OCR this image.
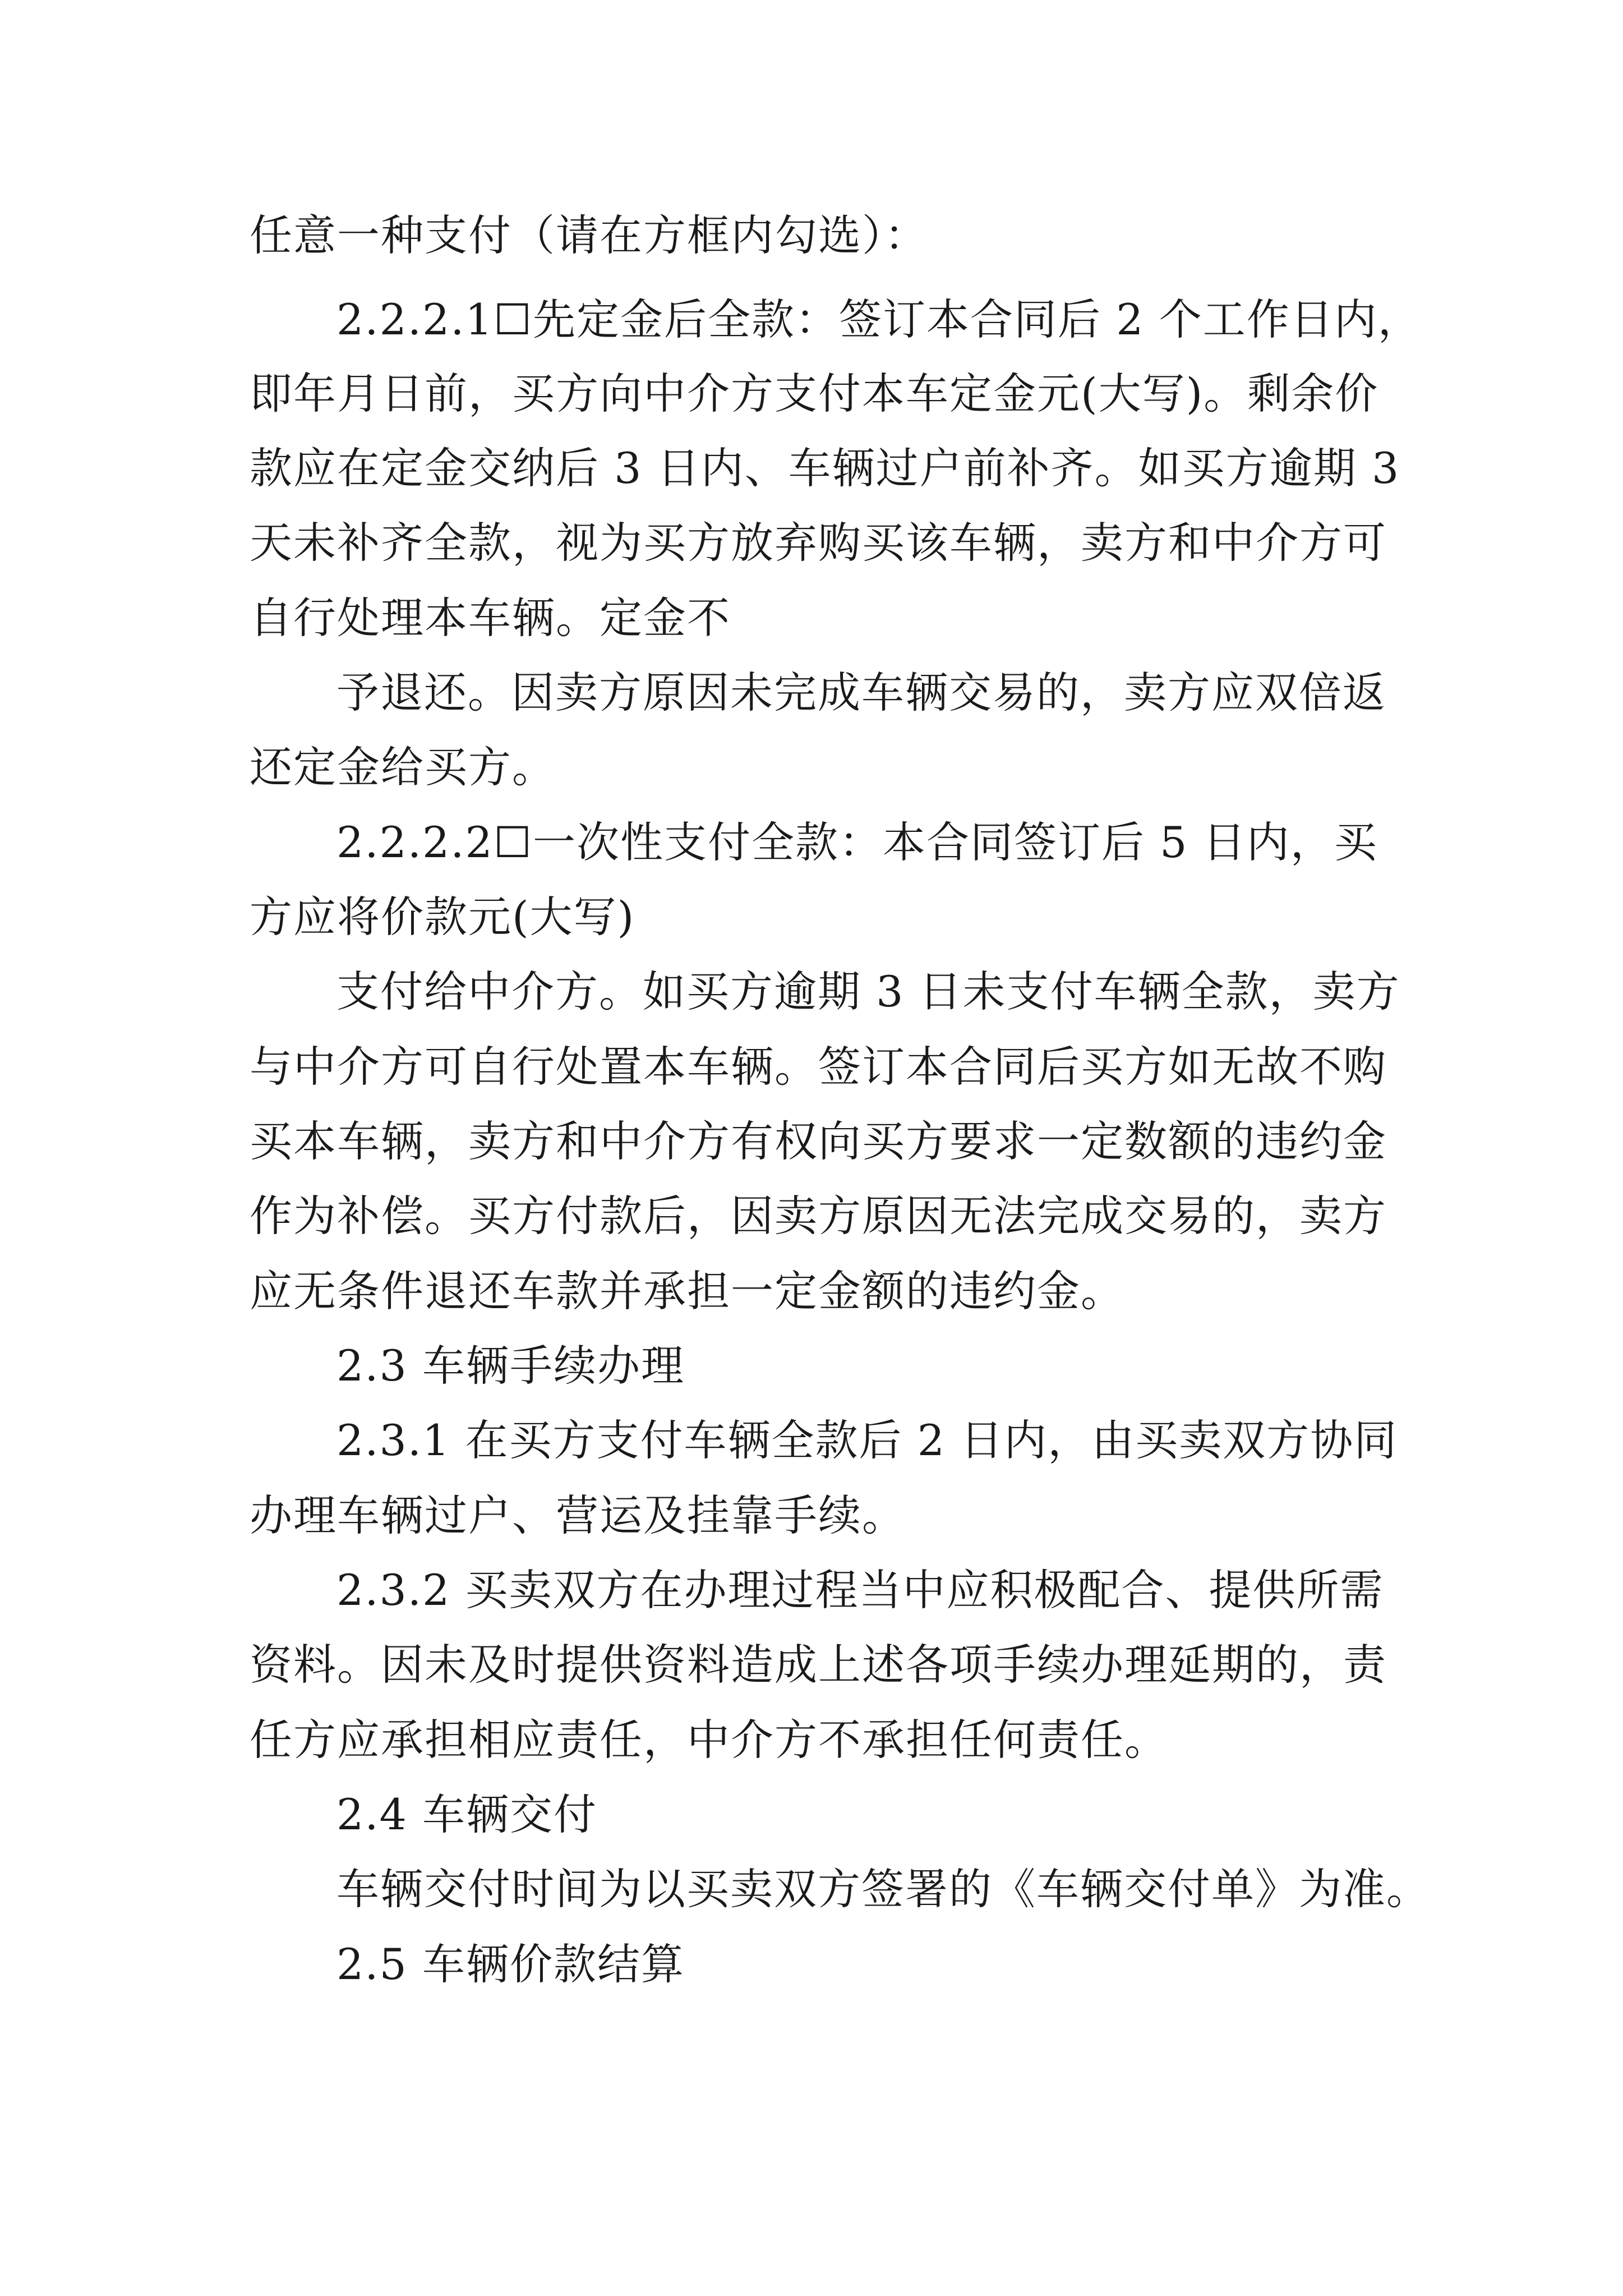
任意一种支付（请在方框内勾选）：
2.2.2.1☐先定金后全款：签订本合同后 2 个工作日内，
即年月日前，买方向中介方支付本车定金元(大写)。剩余价
款应在定金交纳后 3 日内、车辆过户前补齐。如买方逾期 3
天未补齐全款，视为买方放弃购买该车辆，卖方和中介方可
自行处理本车辆。定金不
予退还。因卖方原因未完成车辆交易的，卖方应双倍返
还定金给买方。
2.2.2.2☐一次性支付全款：本合同签订后 5 日内，买
方应将价款元(大写)
支付给中介方。如买方逾期 3 日未支付车辆全款，卖方
与中介方可自行处置本车辆。签订本合同后买方如无故不购
买本车辆，卖方和中介方有权向买方要求一定数额的违约金
作为补偿。买方付款后，因卖方原因无法完成交易的，卖方
应无条件退还车款并承担一定金额的违约金。
2.3 车辆手续办理
2.3.1 在买方支付车辆全款后 2 日内，由买卖双方协同
办理车辆过户、营运及挂靠手续。
2.3.2 买卖双方在办理过程当中应积极配合、提供所需
资料。因未及时提供资料造成上述各项手续办理延期的，责
任方应承担相应责任，中介方不承担任何责任。
2.4 车辆交付
车辆交付时间为以买卖双方签署的《车辆交付单》为准。
2.5 车辆价款结算
